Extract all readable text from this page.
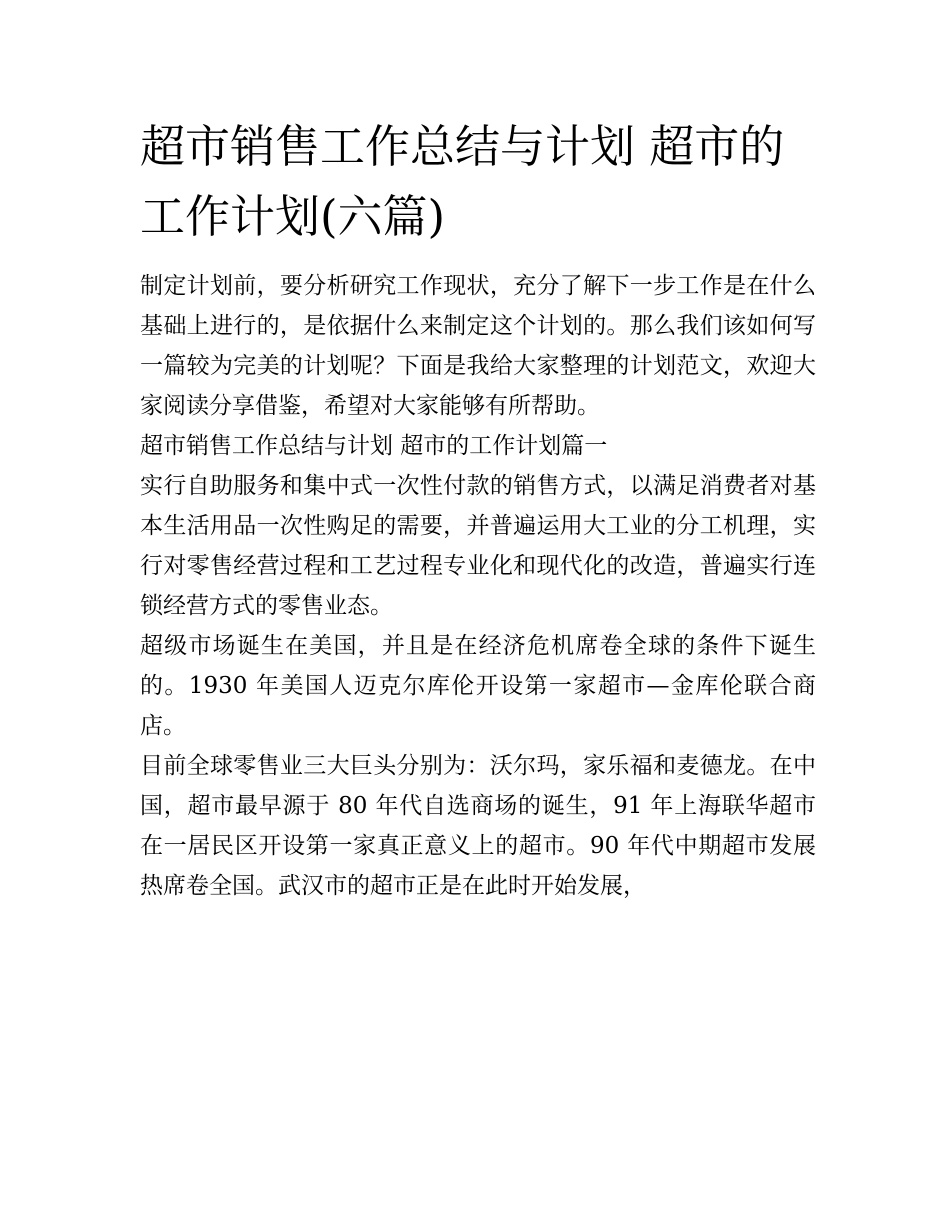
超市销售工作总结与计划 超市的工作计划(六篇)

制定计划前，要分析研究工作现状，充分了解下一步工作是在什么基础上进行的，是依据什么来制定这个计划的。那么我们该如何写一篇较为完美的计划呢？下面是我给大家整理的计划范文，欢迎大家阅读分享借鉴，希望对大家能够有所帮助。

超市销售工作总结与计划 超市的工作计划篇一

实行自助服务和集中式一次性付款的销售方式，以满足消费者对基本生活用品一次性购足的需要，并普遍运用大工业的分工机理，实行对零售经营过程和工艺过程专业化和现代化的改造，普遍实行连锁经营方式的零售业态。

超级市场诞生在美国，并且是在经济危机席卷全球的条件下诞生的。1930 年美国人迈克尔库伦开设第一家超市—金库伦联合商店。

目前全球零售业三大巨头分别为：沃尔玛，家乐福和麦德龙。在中国，超市最早源于 80 年代自选商场的诞生，91 年上海联华超市在一居民区开设第一家真正意义上的超市。90 年代中期超市发展热席卷全国。武汉市的超市正是在此时开始发展，
